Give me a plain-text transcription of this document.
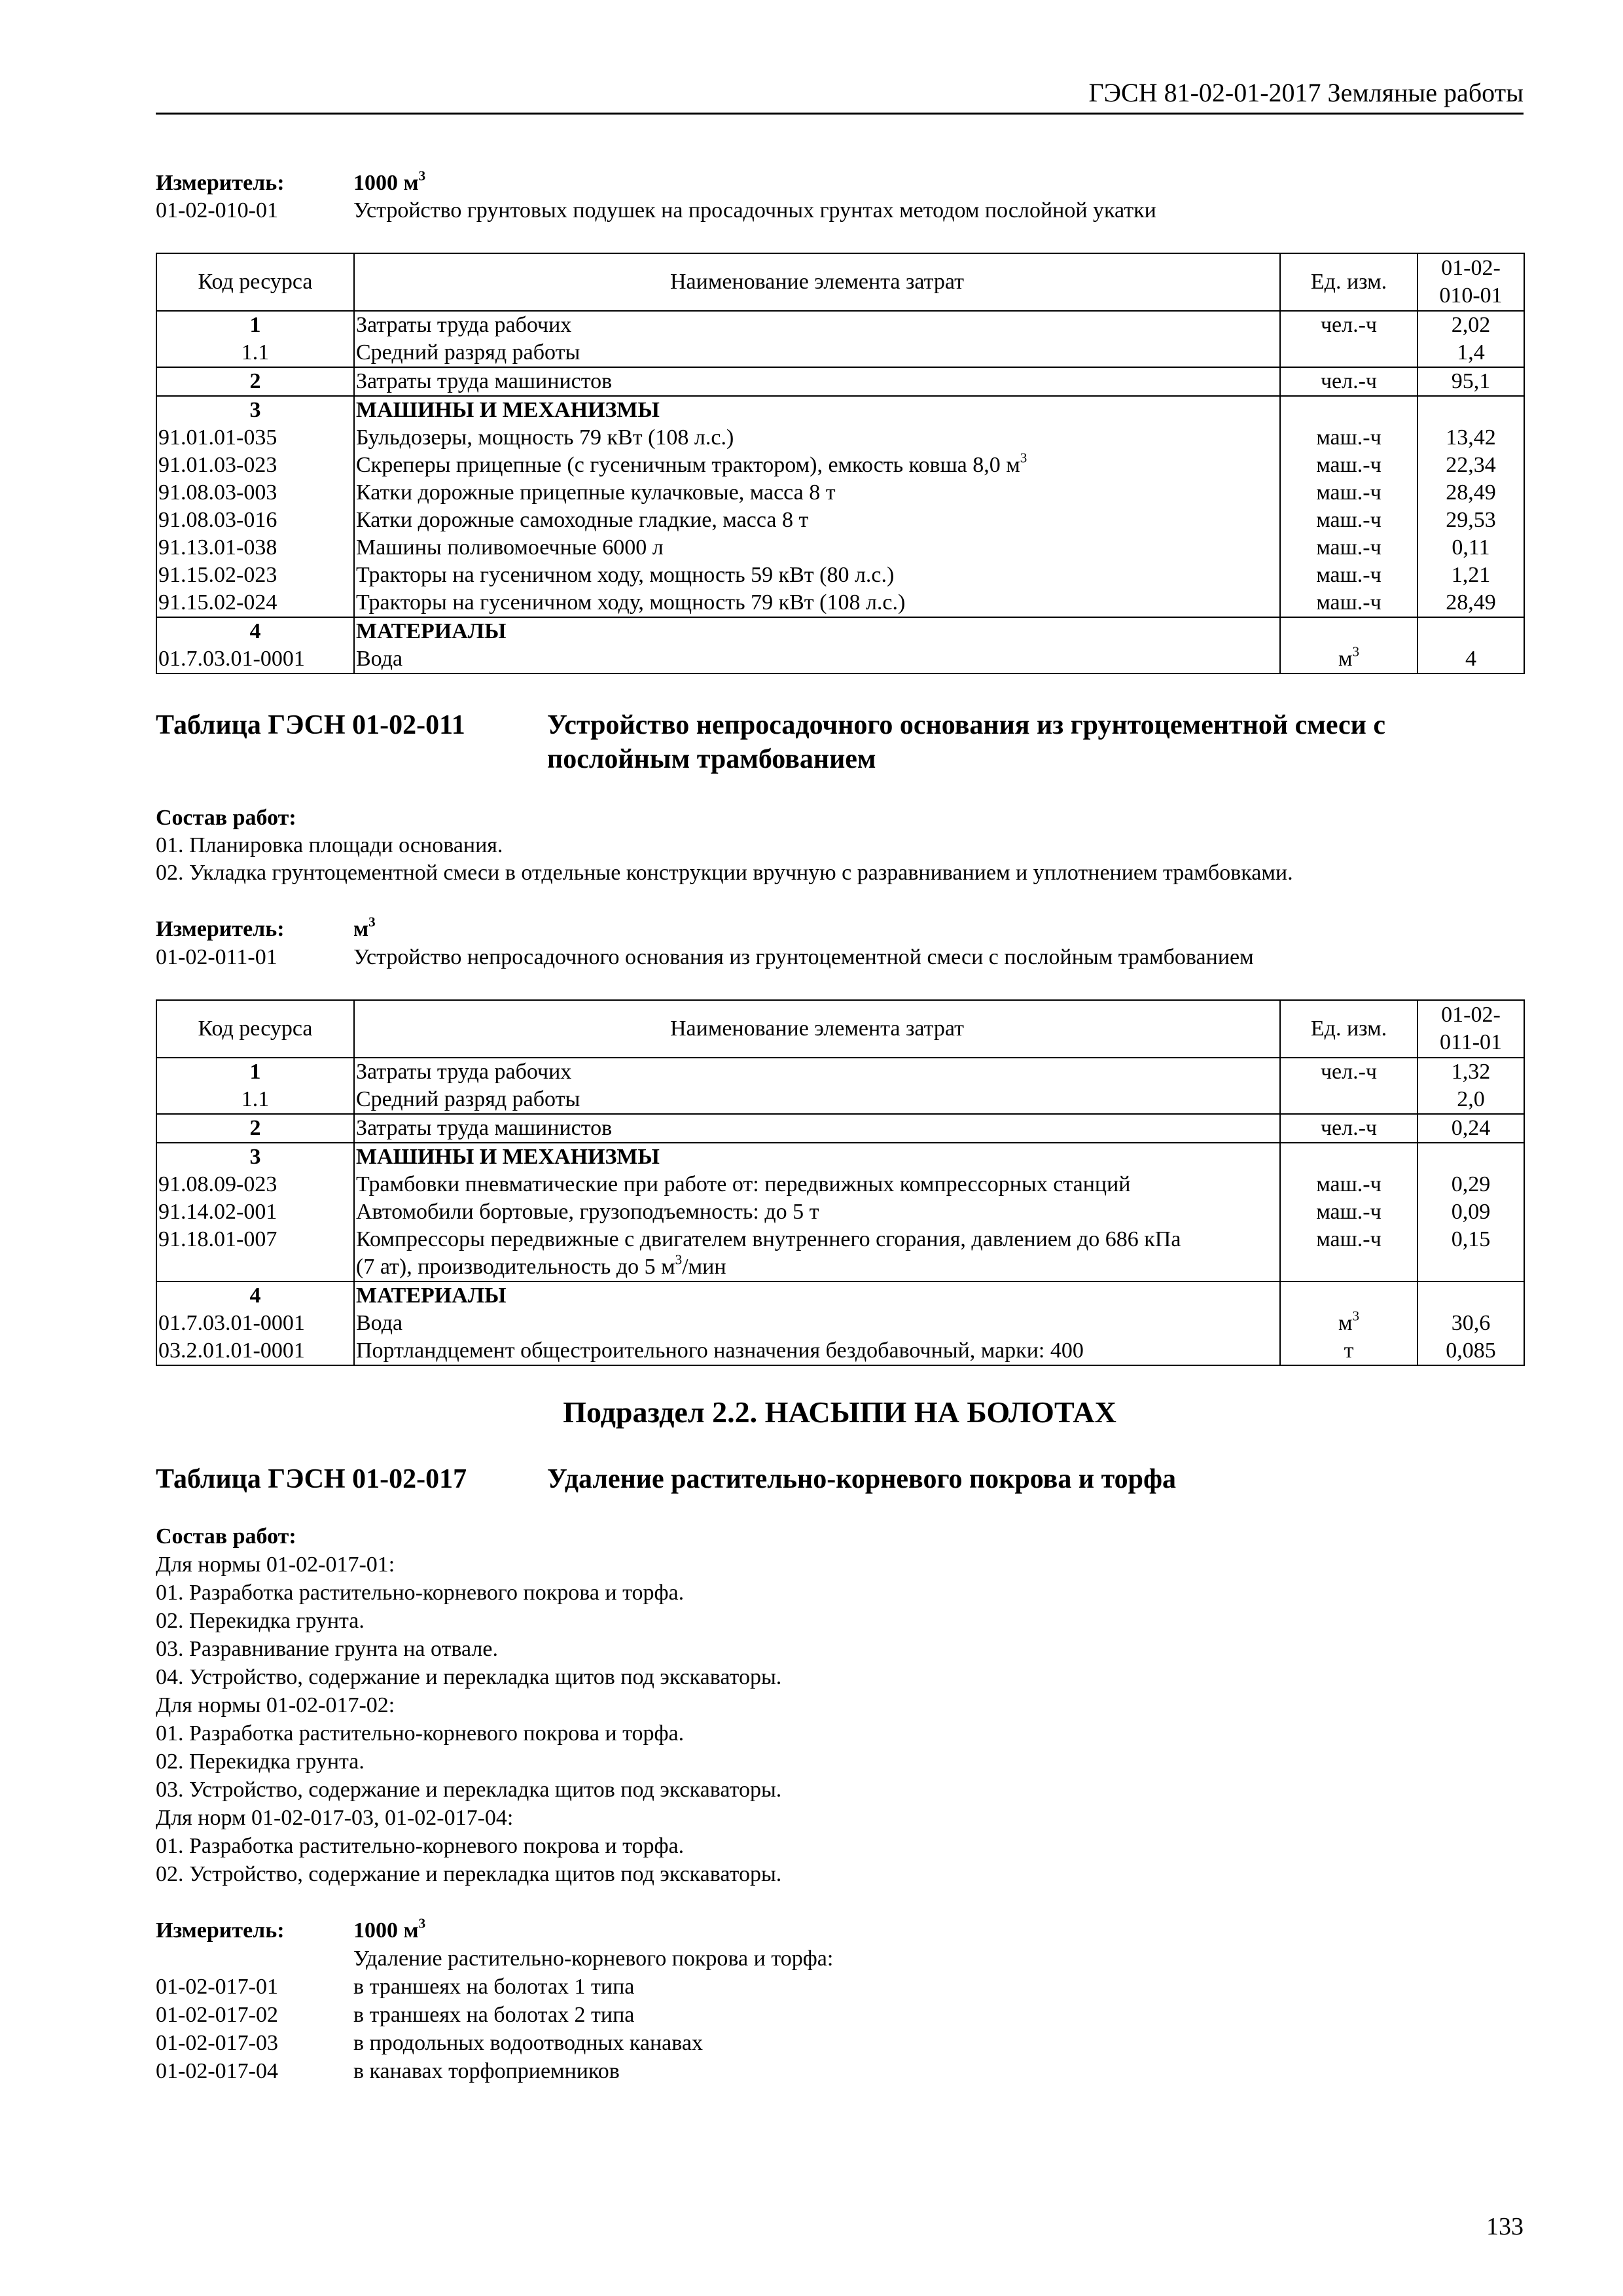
ГЭСН 81-02-01-2017 Земляные работы
Измеритель:	1000 $м^3$
01-02-010-01	Устройство грунтовых подушек на просадочных грунтах методом послойной укатки
Код ресурса	Наименование элемента затрат	Ед. изм.	01-02-
010-01
1	Затраты труда рабочих	чел.-ч	2,02
1.1	Средний разряд работы		1,4
2	Затраты труда машинистов	чел.-ч	95,1
3	МАШИНЫ И МЕХАНИЗМЫ		
91.01.01-035	Бульдозеры, мощность 79 кВт (108 л.с.)	маш.-ч	13,42
91.01.03-023	Скреперы прицепные (с гусеничным трактором), емкость ковша 8,0 $м^3$	маш.-ч	22,34
91.08.03-003	Катки дорожные прицепные кулачковые, масса 8 т	маш.-ч	28,49
91.08.03-016	Катки дорожные самоходные гладкие, масса 8 т	маш.-ч	29,53
91.13.01-038	Машины поливомоечные 6000 л	маш.-ч	0,11
91.15.02-023	Тракторы на гусеничном ходу, мощность 59 кВт (80 л.с.)	маш.-ч	1,21
91.15.02-024	Тракторы на гусеничном ходу, мощность 79 кВт (108 л.с.)	маш.-ч	28,49
4	МАТЕРИАЛЫ		
01.7.03.01-0001	Вода	$м^3$	4
Таблица ГЭСН 01-02-011	Устройство непросадочного основания из грунтоцементной смеси с
послойным трамбованием
Состав работ:
01. Планировка площади основания.
02. Укладка грунтоцементной смеси в отдельные конструкции вручную с разравниванием и уплотнением трамбовками.
Измеритель:	$м^3$
01-02-011-01	Устройство непросадочного основания из грунтоцементной смеси с послойным трамбованием
Код ресурса	Наименование элемента затрат	Ед. изм.	01-02-
011-01
1	Затраты труда рабочих	чел.-ч	1,32
1.1	Средний разряд работы		2,0
2	Затраты труда машинистов	чел.-ч	0,24
3	МАШИНЫ И МЕХАНИЗМЫ		
91.08.09-023	Трамбовки пневматические при работе от: передвижных компрессорных станций	маш.-ч	0,29
91.14.02-001	Автомобили бортовые, грузоподъемность: до 5 т	маш.-ч	0,09
91.18.01-007	Компрессоры передвижные с двигателем внутреннего сгорания, давлением до 686 кПа
(7 ат), производительность до 5 $м^3$/мин	маш.-ч	0,15
4	МАТЕРИАЛЫ		
01.7.03.01-0001	Вода	$м^3$	30,6
03.2.01.01-0001	Портландцемент общестроительного назначения бездобавочный, марки: 400	т	0,085
Подраздел 2.2. НАСЫПИ НА БОЛОТАХ
Таблица ГЭСН 01-02-017	Удаление растительно-корневого покрова и торфа
Состав работ:
Для нормы 01-02-017-01:
01. Разработка растительно-корневого покрова и торфа.
02. Перекидка грунта.
03. Разравнивание грунта на отвале.
04. Устройство, содержание и перекладка щитов под экскаваторы.
Для нормы 01-02-017-02:
01. Разработка растительно-корневого покрова и торфа.
02. Перекидка грунта.
03. Устройство, содержание и перекладка щитов под экскаваторы.
Для норм 01-02-017-03, 01-02-017-04:
01. Разработка растительно-корневого покрова и торфа.
02. Устройство, содержание и перекладка щитов под экскаваторы.
Измеритель:	1000 $м^3$
Удаление растительно-корневого покрова и торфа:
01-02-017-01	в траншеях на болотах 1 типа
01-02-017-02	в траншеях на болотах 2 типа
01-02-017-03	в продольных водоотводных канавах
01-02-017-04	в канавах торфоприемников
133
